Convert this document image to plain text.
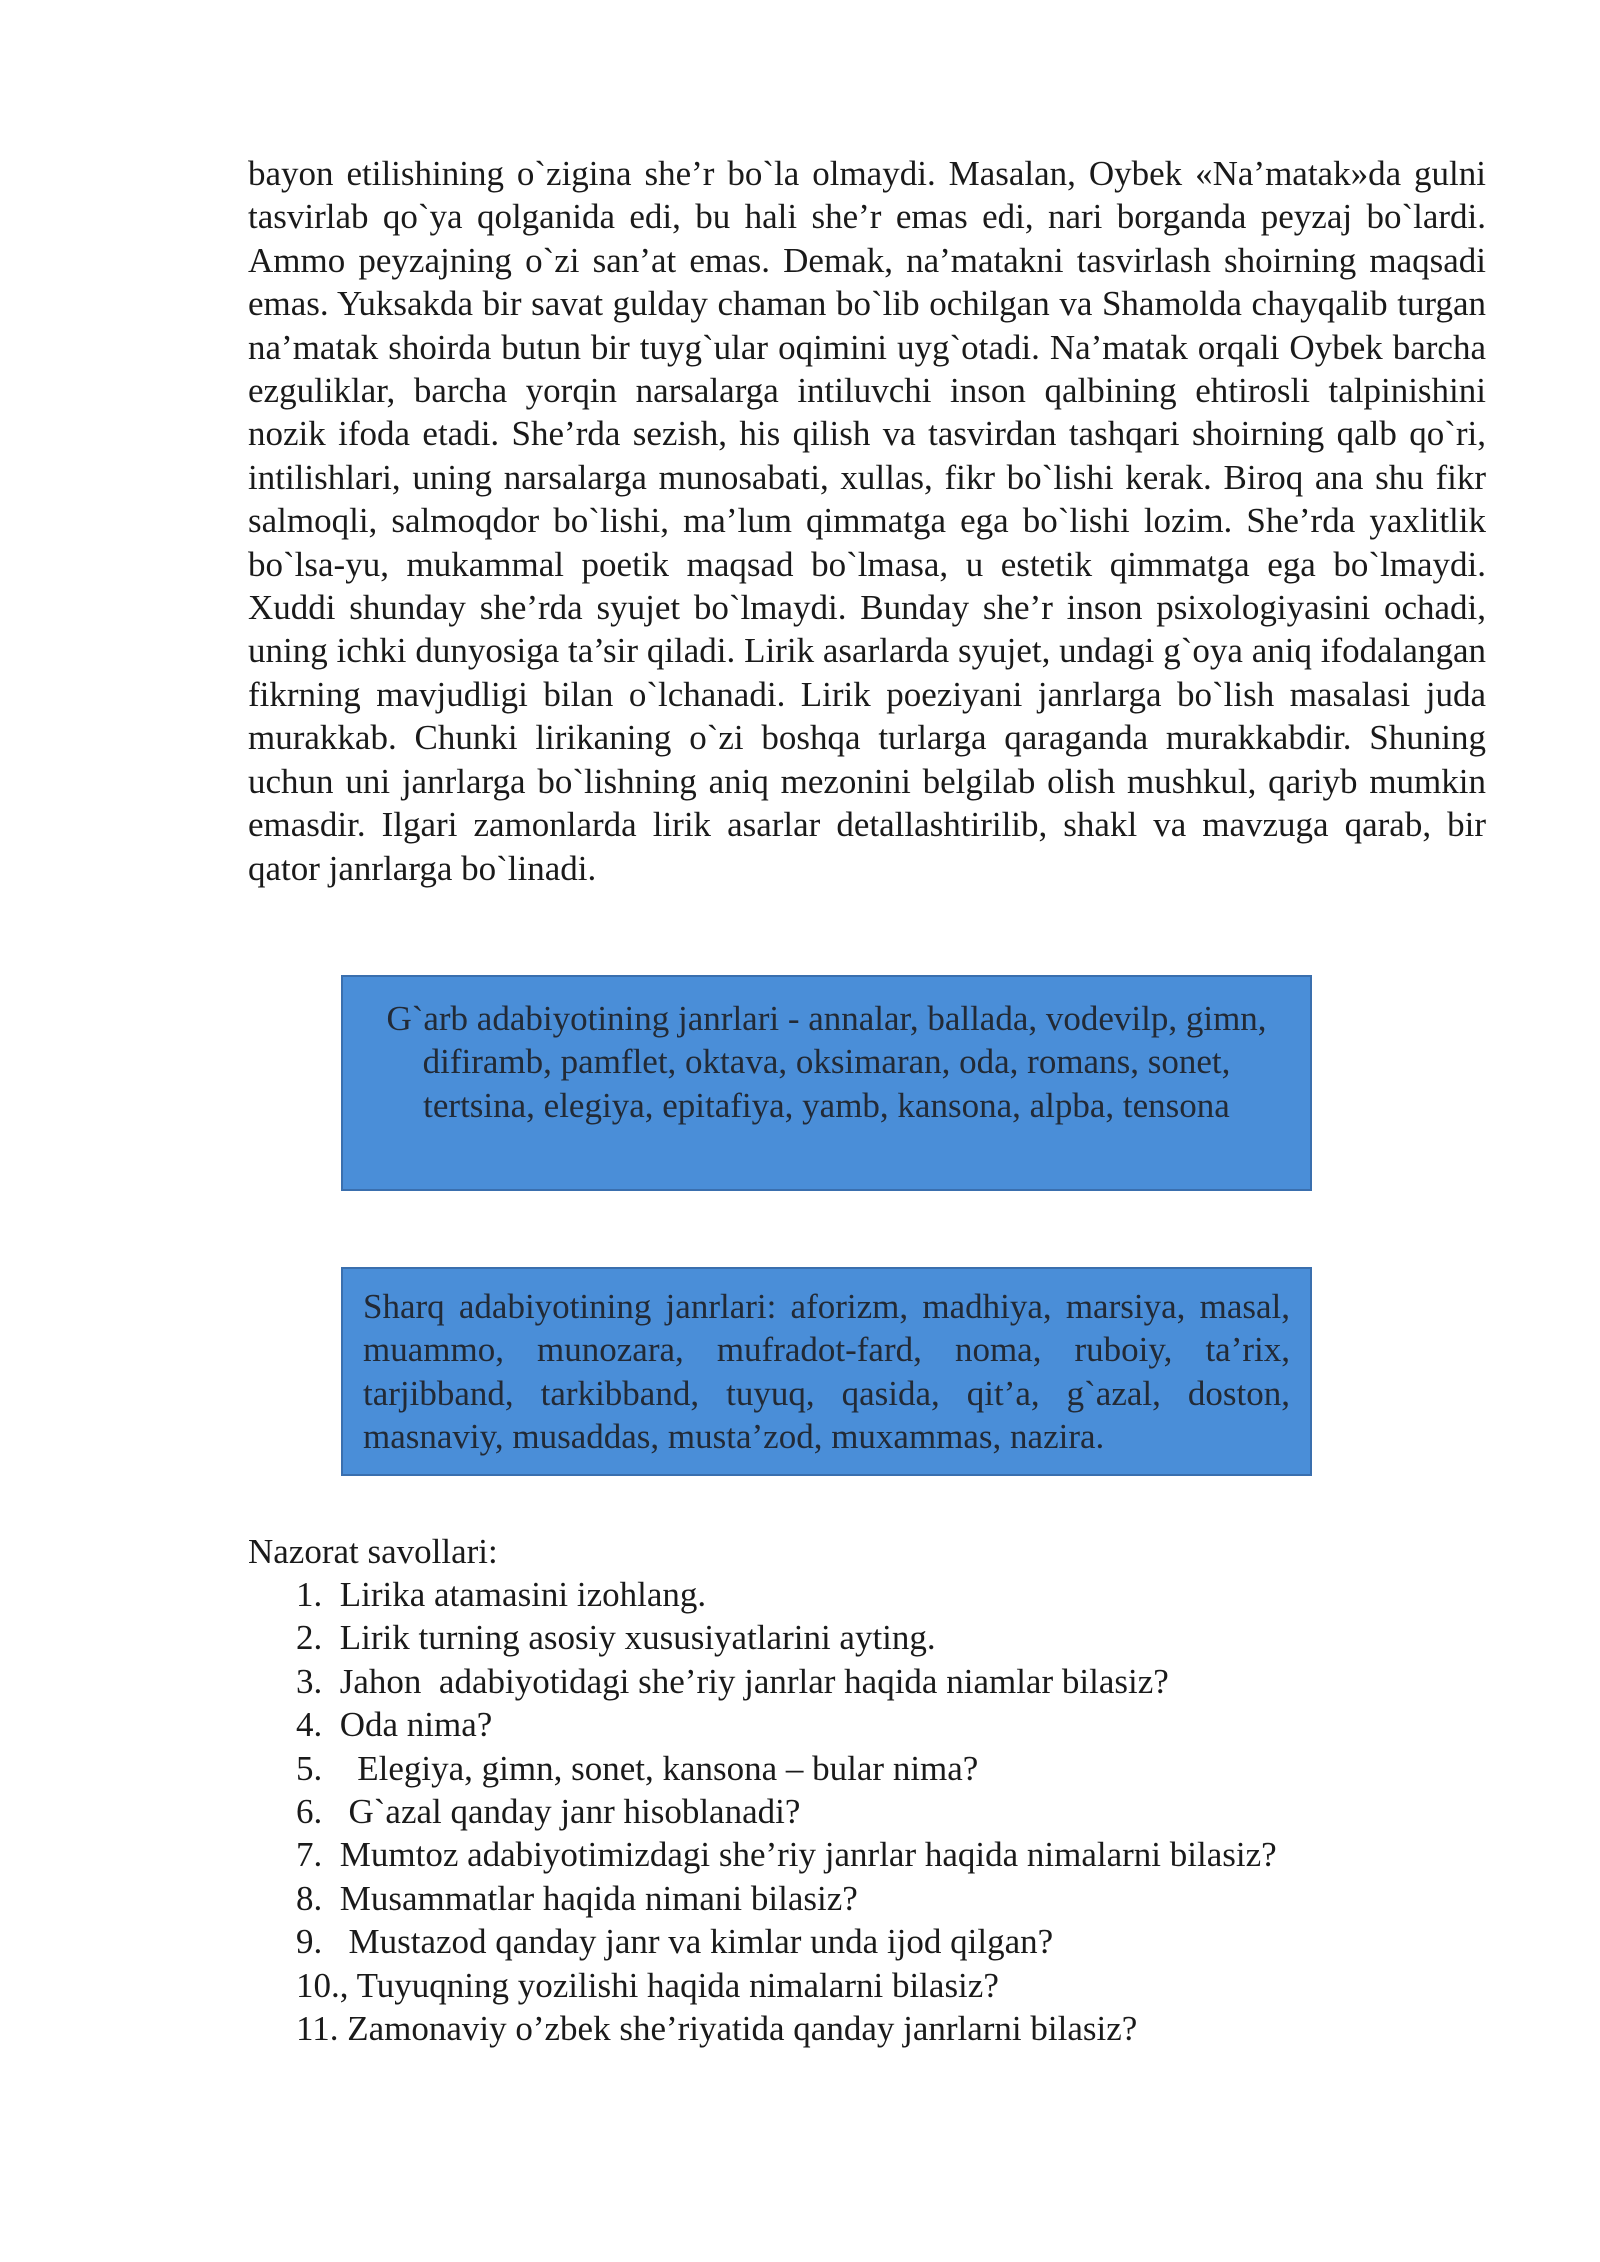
bayon etilishining o`zigina she’r bo`la olmaydi. Masalan, Oybek «Na’matak»da gulni tasvirlab qo`ya qolganida edi, bu hali she’r emas edi, nari borganda peyzaj bo`lardi. Ammo peyzajning o`zi san’at emas. Demak, na’matakni tasvirlash shoirning maqsadi emas. Yuksakda bir savat gulday chaman bo`lib ochilgan va Shamolda chayqalib turgan na’matak shoirda butun bir tuyg`ular oqimini uyg`otadi. Na’matak orqali Oybek barcha ezguliklar, barcha yorqin narsalarga intiluvchi inson qalbining ehtirosli talpinishini nozik ifoda etadi. She’rda sezish, his qilish va tasvirdan tashqari shoirning qalb qo`ri, intilishlari, uning narsalarga munosabati, xullas, fikr bo`lishi kerak. Biroq ana shu fikr salmoqli, salmoqdor bo`lishi, ma’lum qimmatga ega bo`lishi lozim. She’rda yaxlitlik bo`lsa-yu, mukammal poetik maqsad bo`lmasa, u estetik qimmatga ega bo`lmaydi. Xuddi shunday she’rda syujet bo`lmaydi. Bunday she’r inson psixologiyasini ochadi, uning ichki dunyosiga ta’sir qiladi. Lirik asarlarda syujet, undagi g`oya aniq ifodalangan fikrning mavjudligi bilan o`lchanadi. Lirik poeziyani janrlarga bo`lish masalasi juda murakkab. Chunki lirikaning o`zi boshqa turlarga qaraganda murakkabdir. Shuning uchun uni janrlarga bo`lishning aniq mezonini belgilab olish mushkul, qariyb mumkin emasdir. Ilgari zamonlarda lirik asarlar detallashtirilib, shakl va mavzuga qarab, bir qator janrlarga bo`linadi.

G`arb adabiyotining janrlari - annalar, ballada, vodevilp, gimn, difiramb, pamflet, oktava, oksimaran, oda, romans, sonet, tertsina, elegiya, epitafiya, yamb, kansona, alpba, tensona

Sharq adabiyotining janrlari: aforizm, madhiya, marsiya, masal, muammo, munozara, mufradot-fard, noma, ruboiy, ta’rix, tarjibband, tarkibband, tuyuq, qasida, qit’a, g`azal, doston, masnaviy, musaddas, musta’zod, muxammas, nazira.

Nazorat savollari:
1.  Lirika atamasini izohlang.
2.  Lirik turning asosiy xususiyatlarini ayting.
3.  Jahon  adabiyotidagi she’riy janrlar haqida niamlar bilasiz?
4.  Oda nima?
5.    Elegiya, gimn, sonet, kansona – bular nima?
6.   G`azal qanday janr hisoblanadi?
7.  Mumtoz adabiyotimizdagi she’riy janrlar haqida nimalarni bilasiz?
8.  Musammatlar haqida nimani bilasiz?
9.   Mustazod qanday janr va kimlar unda ijod qilgan?
10., Tuyuqning yozilishi haqida nimalarni bilasiz?
11. Zamonaviy o’zbek she’riyatida qanday janrlarni bilasiz?
